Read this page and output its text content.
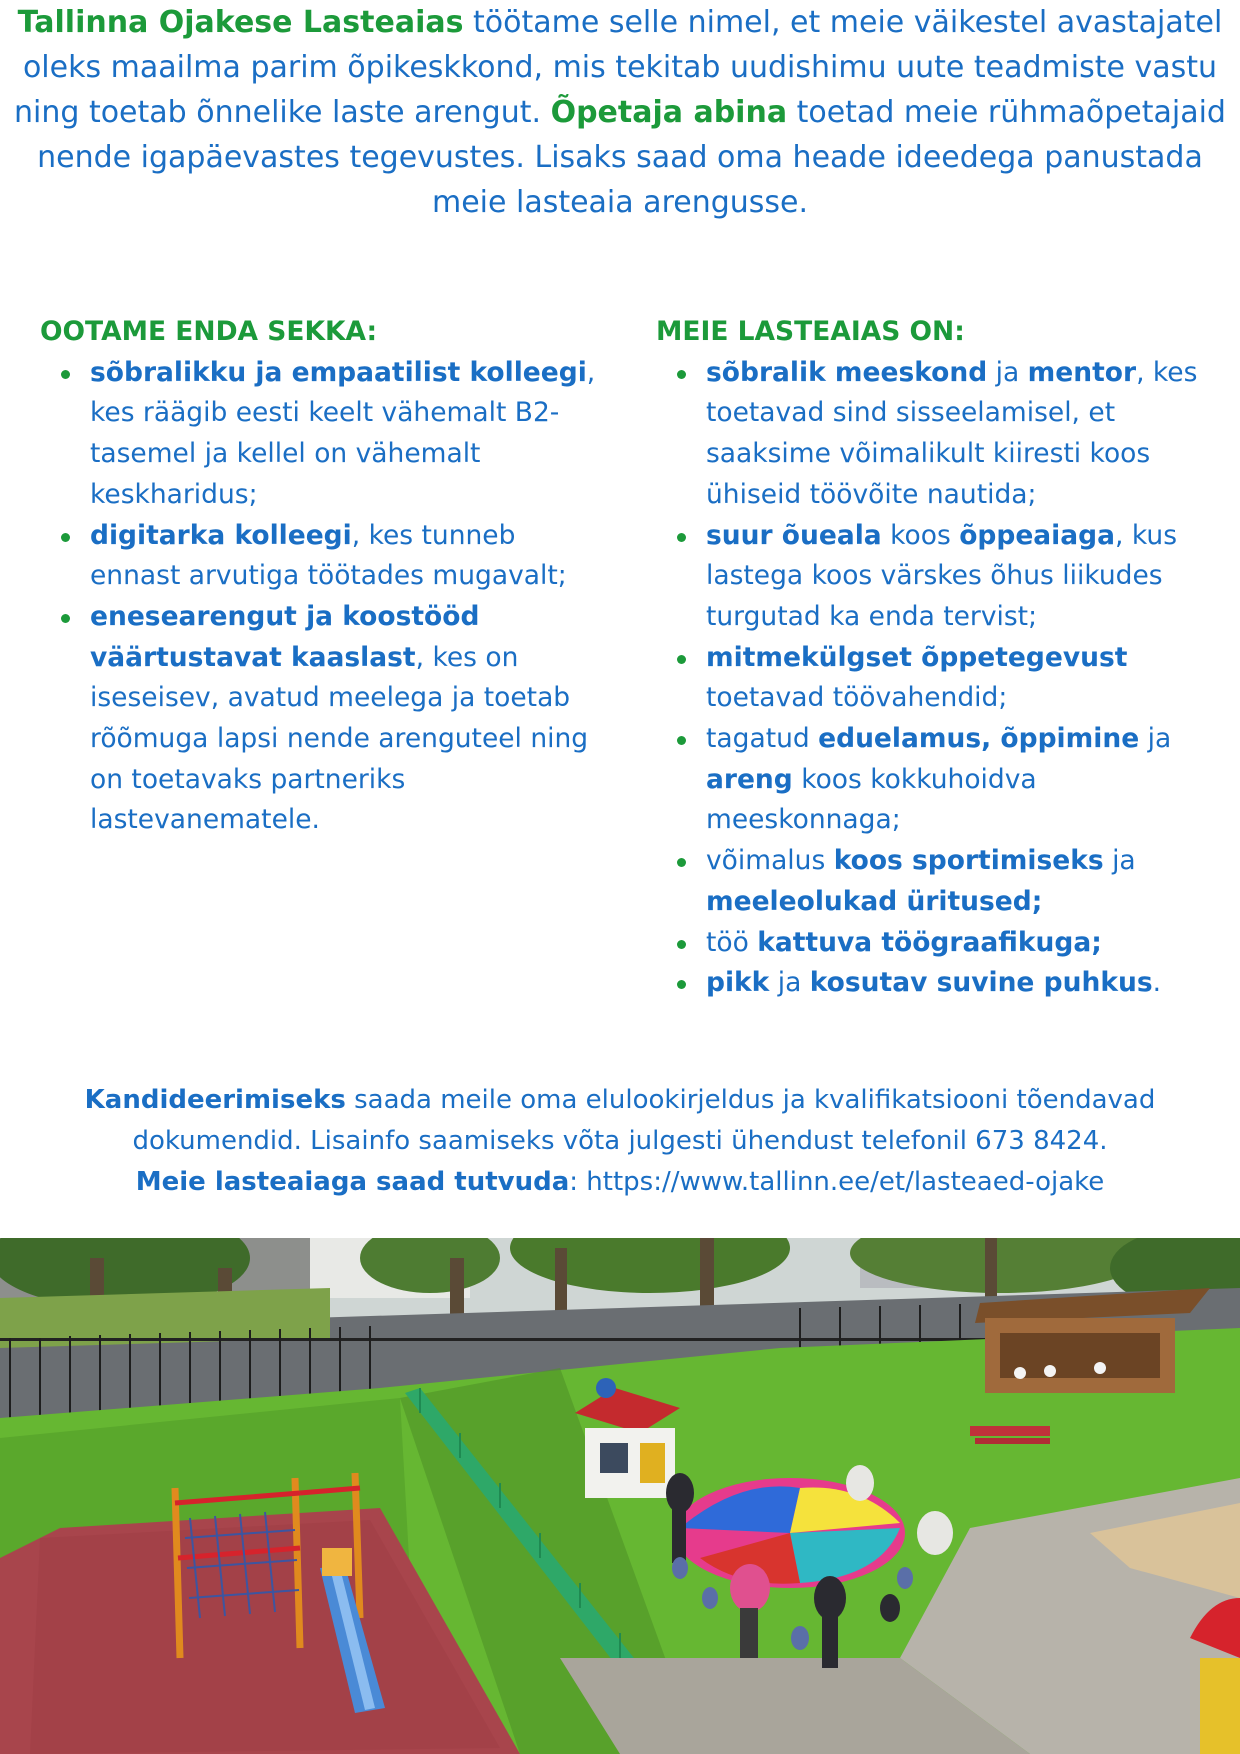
Tallinna Ojakese Lasteaias töötame selle nimel, et meie väikestel avastajatel oleks maailma parim õpikeskkond, mis tekitab uudishimu uute teadmiste vastu ning toetab õnnelike laste arengut. Õpetaja abina toetad meie rühmaõpetajaid nende igapäevastes tegevustes. Lisaks saad oma heade ideedega panustada meie lasteaia arengusse.
OOTAME ENDA SEKKA:
sõbralikku ja empaatilist kolleegi, kes räägib eesti keelt vähemalt B2-tasemel ja kellel on vähemalt keskharidus;
digitarka kolleegi, kes tunneb ennast arvutiga töötades mugavalt;
enesearengut ja koostööd väärtustavat kaaslast, kes on iseseisev, avatud meelega ja toetab rõõmuga lapsi nende arenguteel ning on toetavaks partneriks lastevanematele.
MEIE LASTEAIAS ON:
sõbralik meeskond ja mentor, kes toetavad sind sisseelamisel, et saaksime võimalikult kiiresti koos ühiseid töövõite nautida;
suur õueala koos õppeaiaga, kus lastega koos värskes õhus liikudes turgutad ka enda tervist;
mitmekülgset õppetegevust toetavad töövahendid;
tagatud eduelamus, õppimine ja areng koos kokkuhoidva meeskonnaga;
võimalus koos sportimiseks ja meeleolukad üritused;
töö kattuva töögraafikuga;
pikk ja kosutav suvine puhkus.
Kandideerimiseks saada meile oma elulookirjeldus ja kvalifikatsiooni tõendavad dokumendid. Lisainfo saamiseks võta julgesti ühendust telefonil 673 8424.
Meie lasteaiaga saad tutvuda: https://www.tallinn.ee/et/lasteaed-ojake
